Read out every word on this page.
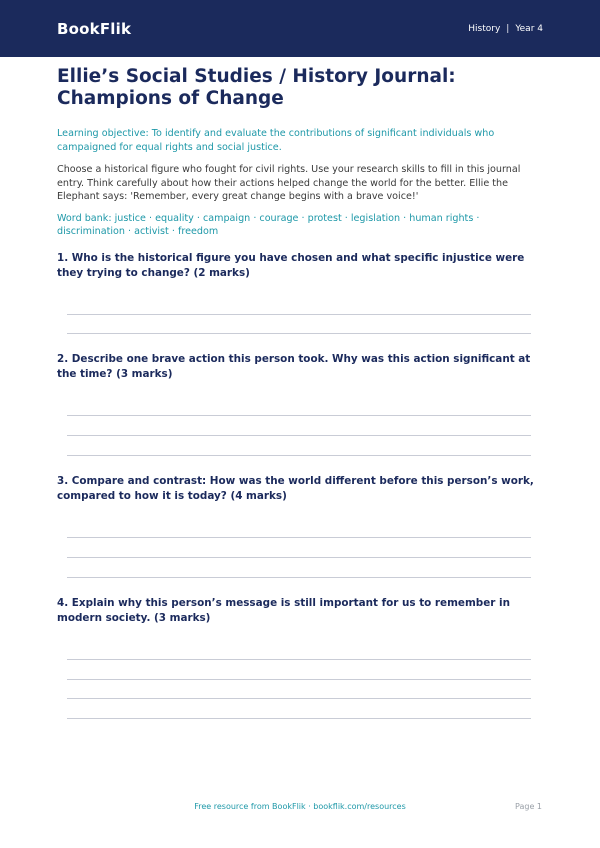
BookFlik	History | Year 4
Ellie’s Social Studies / History Journal: Champions of Change
Learning objective: To identify and evaluate the contributions of significant individuals who campaigned for equal rights and social justice.
Choose a historical figure who fought for civil rights. Use your research skills to fill in this journal entry. Think carefully about how their actions helped change the world for the better. Ellie the Elephant says: 'Remember, every great change begins with a brave voice!'
Word bank: justice · equality · campaign · courage · protest · legislation · human rights · discrimination · activist · freedom
1. Who is the historical figure you have chosen and what specific injustice were they trying to change? (2 marks)
2. Describe one brave action this person took. Why was this action significant at the time? (3 marks)
3. Compare and contrast: How was the world different before this person’s work, compared to how it is today? (4 marks)
4. Explain why this person’s message is still important for us to remember in modern society. (3 marks)
Free resource from BookFlik · bookflik.com/resources	Page 1
